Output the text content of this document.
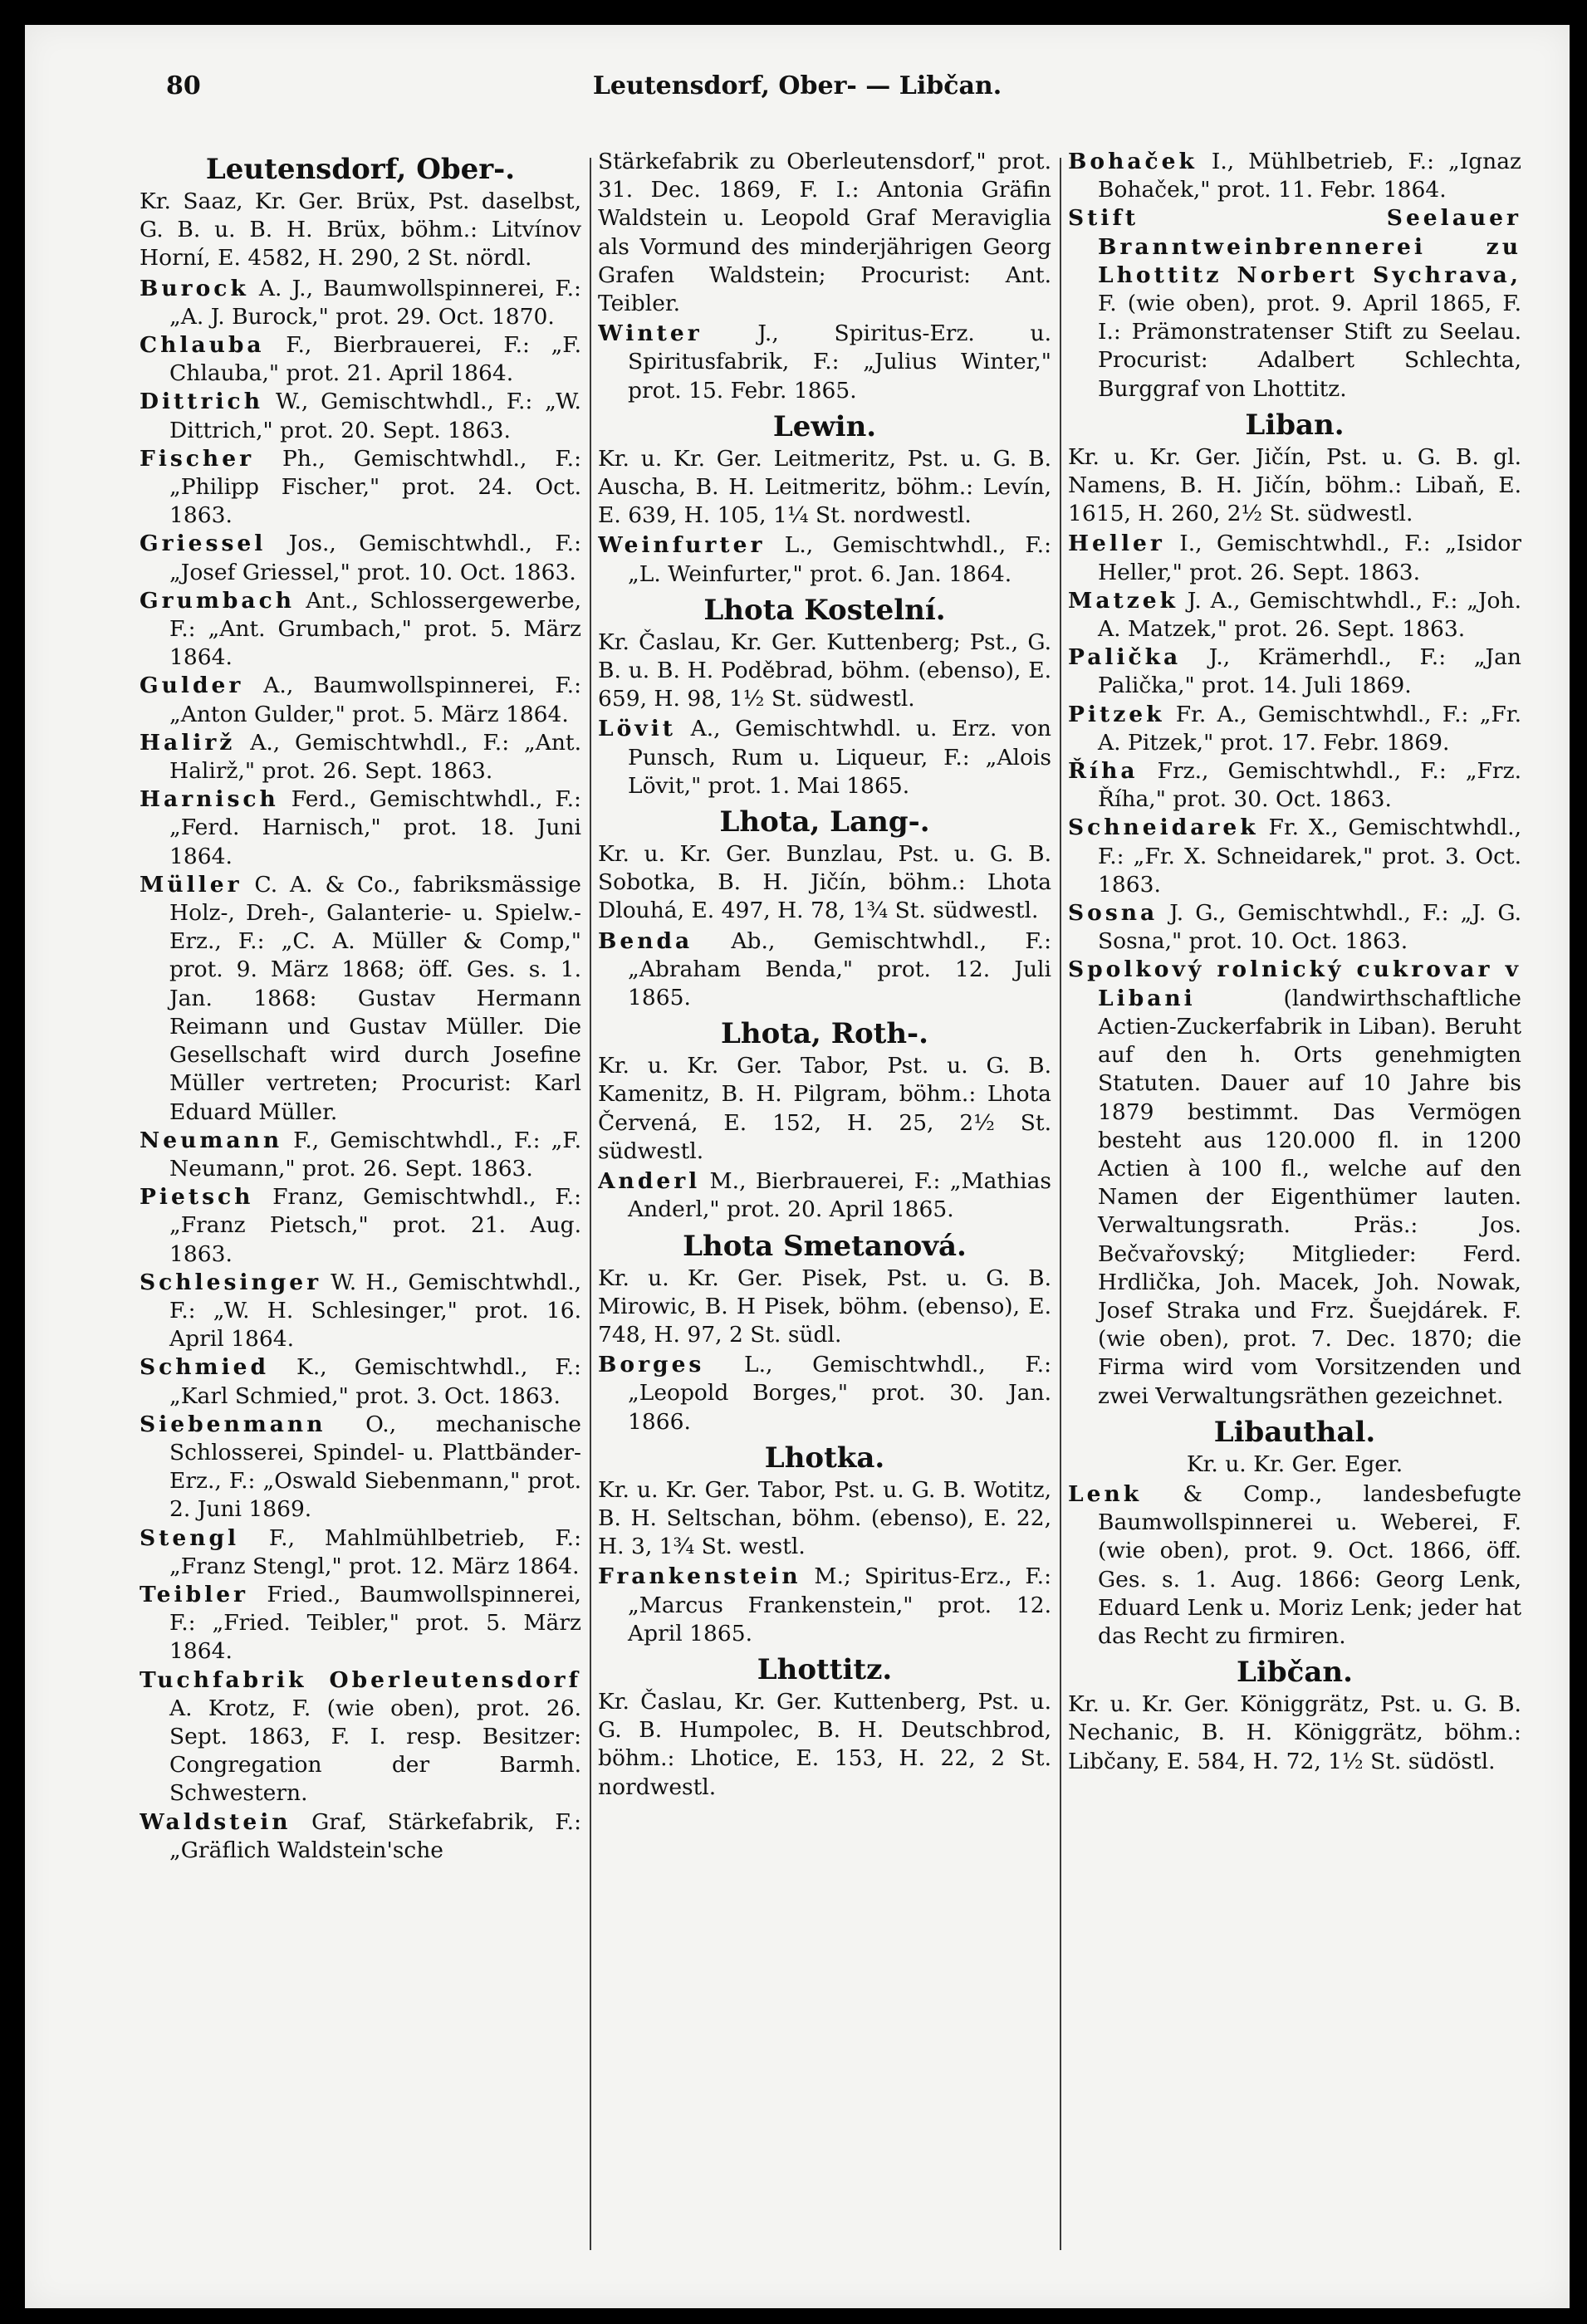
80	Leutensdorf, Ober- — Libčan.
Leutensdorf, Ober-.
Kr. Saaz, Kr. Ger. Brüx, Pst. daselbst, G. B. u. B. H. Brüx, böhm.: Litvínov Horní, E. 4582, H. 290, 2 St. nördl.
Burock A. J., Baumwollspinnerei, F.: „A. J. Burock," prot. 29. Oct. 1870.
Chlauba F., Bierbrauerei, F.: „F. Chlauba," prot. 21. April 1864.
Dittrich W., Gemischtwhdl., F.: „W. Dittrich," prot. 20. Sept. 1863.
Fischer Ph., Gemischtwhdl., F.: „Philipp Fischer," prot. 24. Oct. 1863.
Griessel Jos., Gemischtwhdl., F.: „Josef Griessel," prot. 10. Oct. 1863.
Grumbach Ant., Schlossergewerbe, F.: „Ant. Grumbach," prot. 5. März 1864.
Gulder A., Baumwollspinnerei, F.: „Anton Gulder," prot. 5. März 1864.
Halirž A., Gemischtwhdl., F.: „Ant. Halirž," prot. 26. Sept. 1863.
Harnisch Ferd., Gemischtwhdl., F.: „Ferd. Harnisch," prot. 18. Juni 1864.
Müller C. A. & Co., fabriksmässige Holz-, Dreh-, Galanterie- u. Spielw.-Erz., F.: „C. A. Müller & Comp," prot. 9. März 1868; öff. Ges. s. 1. Jan. 1868: Gustav Hermann Reimann und Gustav Müller. Die Gesellschaft wird durch Josefine Müller vertreten; Procurist: Karl Eduard Müller.
Neumann F., Gemischtwhdl., F.: „F. Neumann," prot. 26. Sept. 1863.
Pietsch Franz, Gemischtwhdl., F.: „Franz Pietsch," prot. 21. Aug. 1863.
Schlesinger W. H., Gemischtwhdl., F.: „W. H. Schlesinger," prot. 16. April 1864.
Schmied K., Gemischtwhdl., F.: „Karl Schmied," prot. 3. Oct. 1863.
Siebenmann O., mechanische Schlosserei, Spindel- u. Plattbänder-Erz., F.: „Oswald Siebenmann," prot. 2. Juni 1869.
Stengl F., Mahlmühlbetrieb, F.: „Franz Stengl," prot. 12. März 1864.
Teibler Fried., Baumwollspinnerei, F.: „Fried. Teibler," prot. 5. März 1864.
Tuchfabrik Oberleutensdorf A. Krotz, F. (wie oben), prot. 26. Sept. 1863, F. I. resp. Besitzer: Congregation der Barmh. Schwestern.
Waldstein Graf, Stärkefabrik, F.: „Gräflich Waldstein'sche
Stärkefabrik zu Oberleutensdorf," prot. 31. Dec. 1869, F. I.: Antonia Gräfin Waldstein u. Leopold Graf Meraviglia als Vormund des minderjährigen Georg Grafen Waldstein; Procurist: Ant. Teibler.
Winter J., Spiritus-Erz. u. Spiritusfabrik, F.: „Julius Winter," prot. 15. Febr. 1865.
Lewin.
Kr. u. Kr. Ger. Leitmeritz, Pst. u. G. B. Auscha, B. H. Leitmeritz, böhm.: Levín, E. 639, H. 105, 1¼ St. nordwestl.
Weinfurter L., Gemischtwhdl., F.: „L. Weinfurter," prot. 6. Jan. 1864.
Lhota Kostelní.
Kr. Časlau, Kr. Ger. Kuttenberg; Pst., G. B. u. B. H. Poděbrad, böhm. (ebenso), E. 659, H. 98, 1½ St. südwestl.
Lövit A., Gemischtwhdl. u. Erz. von Punsch, Rum u. Liqueur, F.: „Alois Lövit," prot. 1. Mai 1865.
Lhota, Lang-.
Kr. u. Kr. Ger. Bunzlau, Pst. u. G. B. Sobotka, B. H. Jičín, böhm.: Lhota Dlouhá, E. 497, H. 78, 1¾ St. südwestl.
Benda Ab., Gemischtwhdl., F.: „Abraham Benda," prot. 12. Juli 1865.
Lhota, Roth-.
Kr. u. Kr. Ger. Tabor, Pst. u. G. B. Kamenitz, B. H. Pilgram, böhm.: Lhota Červená, E. 152, H. 25, 2½ St. südwestl.
Anderl M., Bierbrauerei, F.: „Mathias Anderl," prot. 20. April 1865.
Lhota Smetanová.
Kr. u. Kr. Ger. Pisek, Pst. u. G. B. Mirowic, B. H Pisek, böhm. (ebenso), E. 748, H. 97, 2 St. südl.
Borges L., Gemischtwhdl., F.: „Leopold Borges," prot. 30. Jan. 1866.
Lhotka.
Kr. u. Kr. Ger. Tabor, Pst. u. G. B. Wotitz, B. H. Seltschan, böhm. (ebenso), E. 22, H. 3, 1¾ St. westl.
Frankenstein M.; Spiritus-Erz., F.: „Marcus Frankenstein," prot. 12. April 1865.
Lhottitz.
Kr. Časlau, Kr. Ger. Kuttenberg, Pst. u. G. B. Humpolec, B. H. Deutschbrod, böhm.: Lhotice, E. 153, H. 22, 2 St. nordwestl.
Bohaček I., Mühlbetrieb, F.: „Ignaz Bohaček," prot. 11. Febr. 1864.
Stift Seelauer Branntweinbrennerei zu Lhottitz Norbert Sychrava, F. (wie oben), prot. 9. April 1865, F. I.: Prämonstratenser Stift zu Seelau. Procurist: Adalbert Schlechta, Burggraf von Lhottitz.
Liban.
Kr. u. Kr. Ger. Jičín, Pst. u. G. B. gl. Namens, B. H. Jičín, böhm.: Libaň, E. 1615, H. 260, 2½ St. südwestl.
Heller I., Gemischtwhdl., F.: „Isidor Heller," prot. 26. Sept. 1863.
Matzek J. A., Gemischtwhdl., F.: „Joh. A. Matzek," prot. 26. Sept. 1863.
Palička J., Krämerhdl., F.: „Jan Palička," prot. 14. Juli 1869.
Pitzek Fr. A., Gemischtwhdl., F.: „Fr. A. Pitzek," prot. 17. Febr. 1869.
Říha Frz., Gemischtwhdl., F.: „Frz. Říha," prot. 30. Oct. 1863.
Schneidarek Fr. X., Gemischtwhdl., F.: „Fr. X. Schneidarek," prot. 3. Oct. 1863.
Sosna J. G., Gemischtwhdl., F.: „J. G. Sosna," prot. 10. Oct. 1863.
Spolkový rolnický cukrovar v Libani (landwirthschaftliche Actien-Zuckerfabrik in Liban). Beruht auf den h. Orts genehmigten Statuten. Dauer auf 10 Jahre bis 1879 bestimmt. Das Vermögen besteht aus 120.000 fl. in 1200 Actien à 100 fl., welche auf den Namen der Eigenthümer lauten. Verwaltungsrath. Präs.: Jos. Bečvařovský; Mitglieder: Ferd. Hrdlička, Joh. Macek, Joh. Nowak, Josef Straka und Frz. Šuejdárek. F. (wie oben), prot. 7. Dec. 1870; die Firma wird vom Vorsitzenden und zwei Verwaltungsräthen gezeichnet.
Libauthal.
Kr. u. Kr. Ger. Eger.
Lenk & Comp., landesbefugte Baumwollspinnerei u. Weberei, F. (wie oben), prot. 9. Oct. 1866, öff. Ges. s. 1. Aug. 1866: Georg Lenk, Eduard Lenk u. Moriz Lenk; jeder hat das Recht zu firmiren.
Libčan.
Kr. u. Kr. Ger. Königgrätz, Pst. u. G. B. Nechanic, B. H. Königgrätz, böhm.: Libčany, E. 584, H. 72, 1½ St. südöstl.
